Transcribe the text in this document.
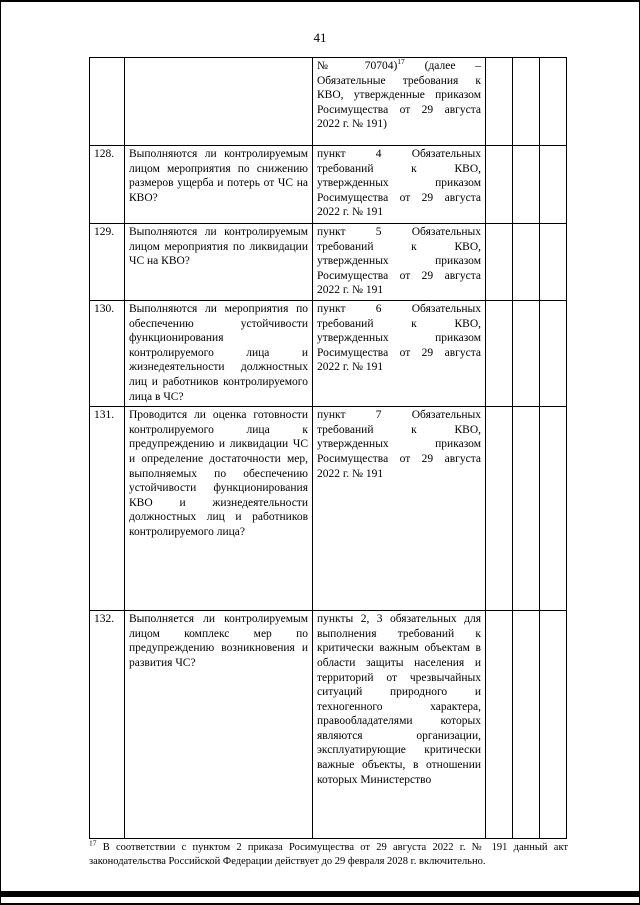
41
		№ 70704)$^{17}$ (далее – Обязательные требования к КВО, утвержденные приказом Росимущества от 29 августа 2022 г. № 191)			
128.	Выполняются ли контролируемым лицом мероприятия по снижению размеров ущерба и потерь от ЧС на КВО?	пункт 4 Обязательных требований к КВО, утвержденных приказом Росимущества от 29 августа 2022 г. № 191			
129.	Выполняются ли контролируемым лицом мероприятия по ликвидации ЧС на КВО?	пункт 5 Обязательных требований к КВО, утвержденных приказом Росимущества от 29 августа 2022 г. № 191			
130.	Выполняются ли мероприятия по обеспечению устойчивости функционирования контролируемого лица и жизнедеятельности должностных лиц и работников контролируемого лица в ЧС?	пункт 6 Обязательных требований к КВО, утвержденных приказом Росимущества от 29 августа 2022 г. № 191			
131.	Проводится ли оценка готовности контролируемого лица к предупреждению и ликвидации ЧС и определение достаточности мер, выполняемых по обеспечению устойчивости функционирования КВО и жизнедеятельности должностных лиц и работников контролируемого лица?	пункт 7 Обязательных требований к КВО, утвержденных приказом Росимущества от 29 августа 2022 г. № 191			
132.	Выполняется ли контролируемым лицом комплекс мер по предупреждению возникновения и развития ЧС?	пункты 2, 3 обязательных для выполнения требований к критически важным объектам в области защиты населения и территорий от чрезвычайных ситуаций природного и техногенного характера, правообладателями которых являются организации, эксплуатирующие критически важные объекты, в отношении которых Министерство			
$^{17}$ В соответствии с пунктом 2 приказа Росимущества от 29 августа 2022 г. № 191 данный акт законодательства Российской Федерации действует до 29 февраля 2028 г. включительно.
